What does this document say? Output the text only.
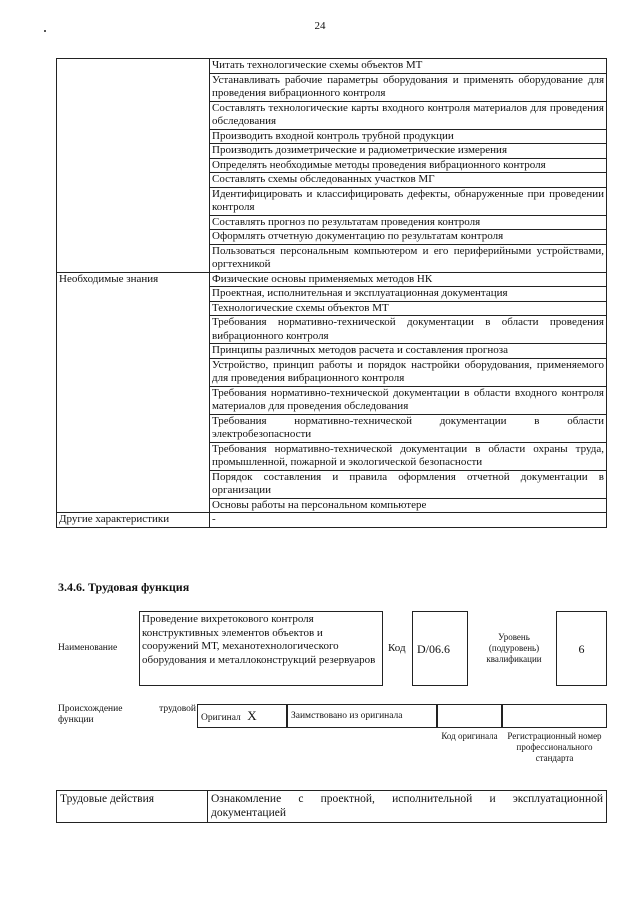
24
	Читать технологические схемы объектов МТ
	Устанавливать рабочие параметры оборудования и применять оборудование для проведения вибрационного контроля
	Составлять технологические карты входного контроля материалов для проведения обследования
	Производить входной контроль трубной продукции
	Производить дозиметрические и радиометрические измерения
	Определять необходимые методы проведения вибрационного контроля
	Составлять схемы обследованных участков МГ
	Идентифицировать и классифицировать дефекты, обнаруженные при проведении контроля
	Составлять прогноз по результатам проведения контроля
	Оформлять отчетную документацию по результатам контроля
	Пользоваться персональным компьютером и его периферийными устройствами, оргтехникой
Необходимые знания	Физические основы применяемых методов НК
	Проектная, исполнительная и эксплуатационная документация
	Технологические схемы объектов МТ
	Требования нормативно-технической документации в области проведения вибрационного контроля
	Принципы различных методов расчета и составления прогноза
	Устройство, принцип работы и порядок настройки оборудования, применяемого для проведения вибрационного контроля
	Требования нормативно-технической документации в области входного контроля материалов для проведения обследования
	Требования нормативно-технической документации в области электробезопасности
	Требования нормативно-технической документации в области охраны труда, промышленной, пожарной и экологической безопасности
	Порядок составления и правила оформления отчетной документации в организации
	Основы работы на персональном компьютере
Другие характеристики	-
3.4.6. Трудовая функция
Наименование
Проведение вихретокового контроля конструктивных элементов объектов и сооружений МТ, механотехнологического оборудования и металлоконструкций резервуаров
Код D/06.6
Уровень (подуровень) квалификации
6
Происхождение трудовой функции	Оригинал X	Заимствовано из оригинала
Код оригинала	Регистрационный номер профессионального стандарта
Трудовые действия	Ознакомление с проектной, исполнительной и эксплуатационной документацией
